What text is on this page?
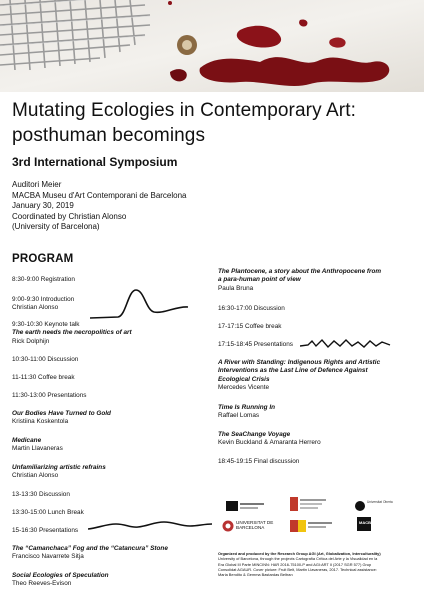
Mutating Ecologies in Contemporary Art:
posthuman becomings
3rd International Symposium
Auditori Meier
MACBA Museu d'Art Contemporani de Barcelona
January 30, 2019
Coordinated by Christian Alonso
(University of Barcelona)
PROGRAM
8:30-9:00 Registration
9:00-9:30 Introduction
Christian Alonso
9:30-10:30 Keynote talk
The earth needs the necropolitics of art
Rick Dolphijn
10:30-11:00 Discussion
11-11:30 Coffee break
11:30-13:00 Presentations
Our Bodies Have Turned to Gold
Kristiina Koskentola
Medicane
Martin Llavaneras
Unfamiliarizing artistic refrains
Christian Alonso
13-13:30 Discussion
13:30-15:00 Lunch Break
15-16:30 Presentations
The “Camanchaca” Fog and the “Catancura” Stone
Francisco Navarrete Sitja
Social Ecologies of Speculation
Theo Reeves-Evison
The Plantocene, a story about the Anthropocene from
a para-human point of view
Paula Bruna
16:30-17:00 Discussion
17-17:15 Coffee break
17:15-18:45 Presentations
A River with Standing: Indigenous Rights and Artistic
Interventions as the Last Line of Defence Against
Ecological Crisis
Mercedes Vicente
Time Is Running In
Raffael Lomas
The SeaChange Voyage
Kevin Buckland & Amaranta Herrero
18:45-19:15 Final discussion
Universitat Oberta
UNIVERSITAT DE BARCELONA
MACBA
Organized and produced by the Research Group AGI (Art, Globalization, Interculturality)
University of Barcelona, through the projects Cartografía Crítica del Arte y la Visualidad en la
Era Global III Parte MINCINN: HAR 2016-75100-P and AGI:ART II (2017 SGR 577) Grup
Consolidat AGAUR. Cover picture: Fruit Belt, Martin Llavaneras, 2017. Technical assistance:
Maria Bendito & Gemma Bastardas Beltran
